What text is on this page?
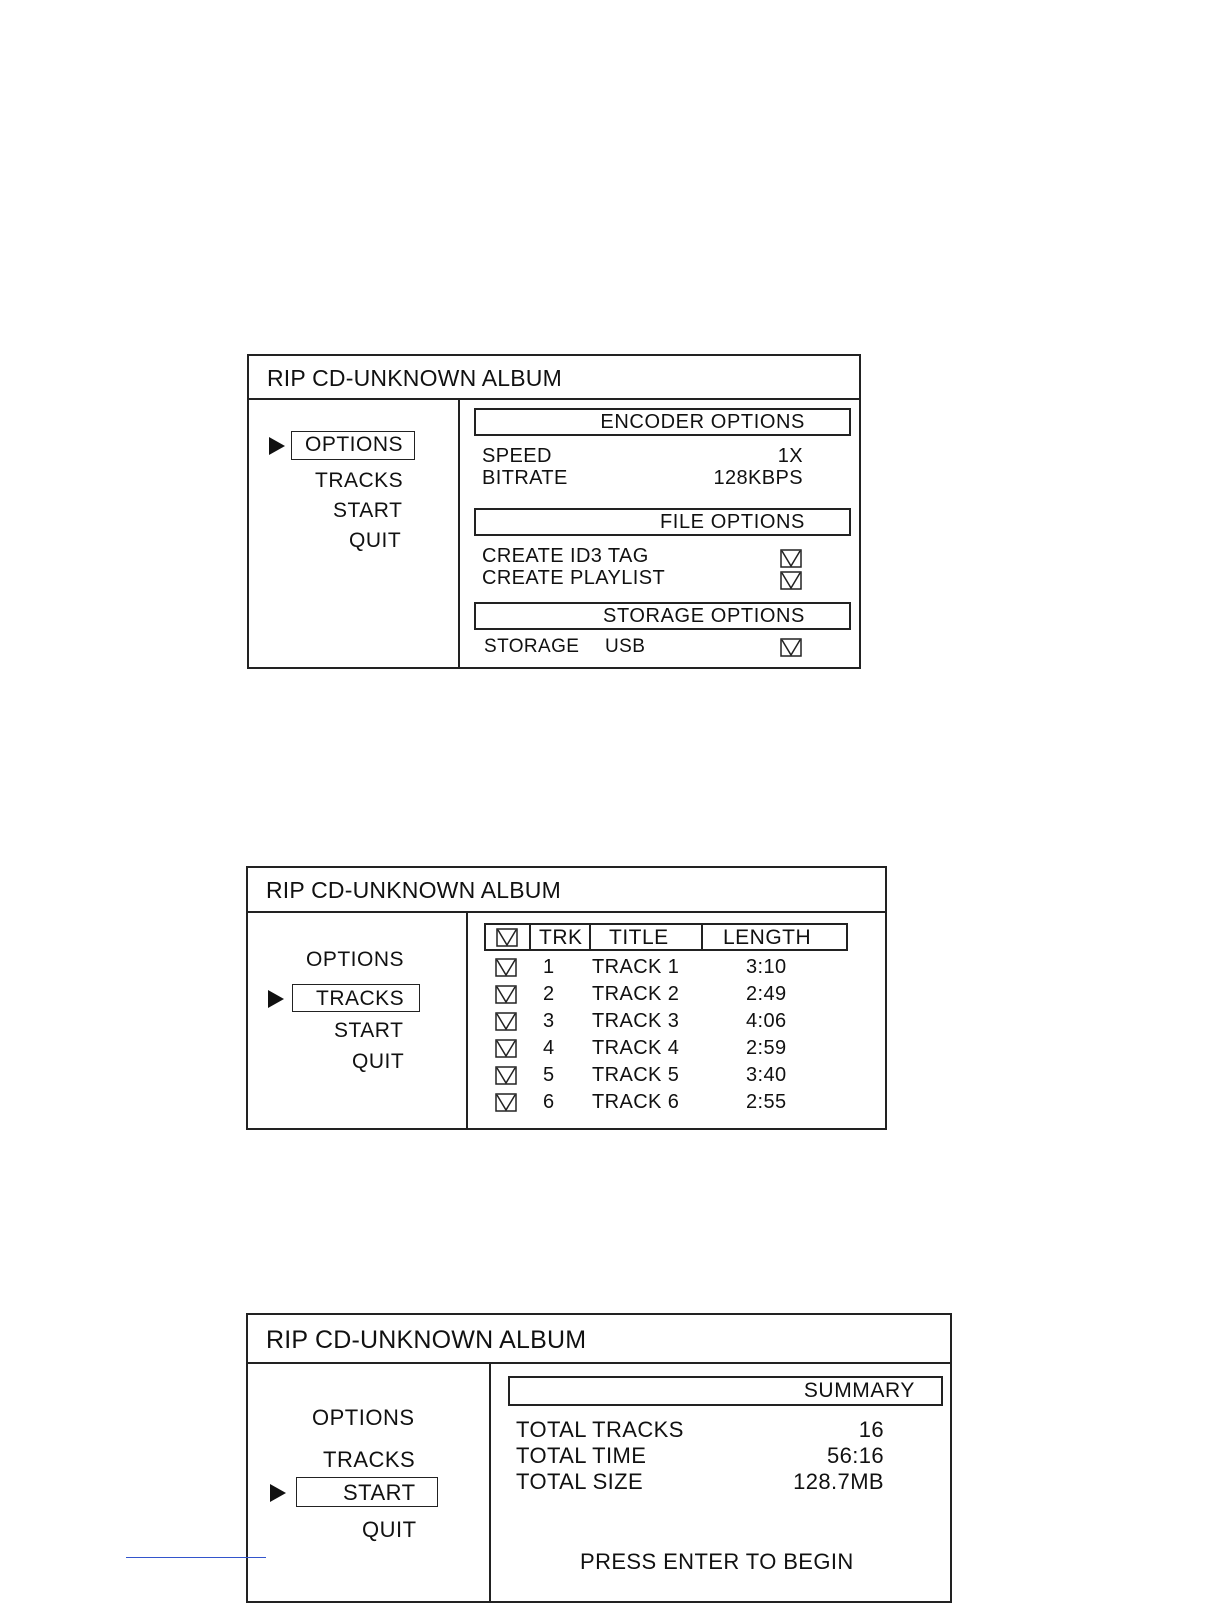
RIP CD-UNKNOWN ALBUM
OPTIONS
TRACKS
START
QUIT
ENCODER OPTIONS
SPEED	1X
BITRATE	128KBPS
FILE OPTIONS
CREATE ID3 TAG
CREATE PLAYLIST
STORAGE OPTIONS
STORAGE USB
RIP CD-UNKNOWN ALBUM
OPTIONS
TRACKS
START
QUIT
TRK TITLE	LENGTH
1 TRACK 1	3:10
2 TRACK 2	2:49
3 TRACK 3	4:06
4 TRACK 4	2:59
5 TRACK 5	3:40
6 TRACK 6	2:55
RIP CD-UNKNOWN ALBUM
OPTIONS
TRACKS
START
QUIT
SUMMARY
TOTAL TRACKS	16
TOTAL TIME	56:16
TOTAL SIZE	128.7MB
PRESS ENTER TO BEGIN
